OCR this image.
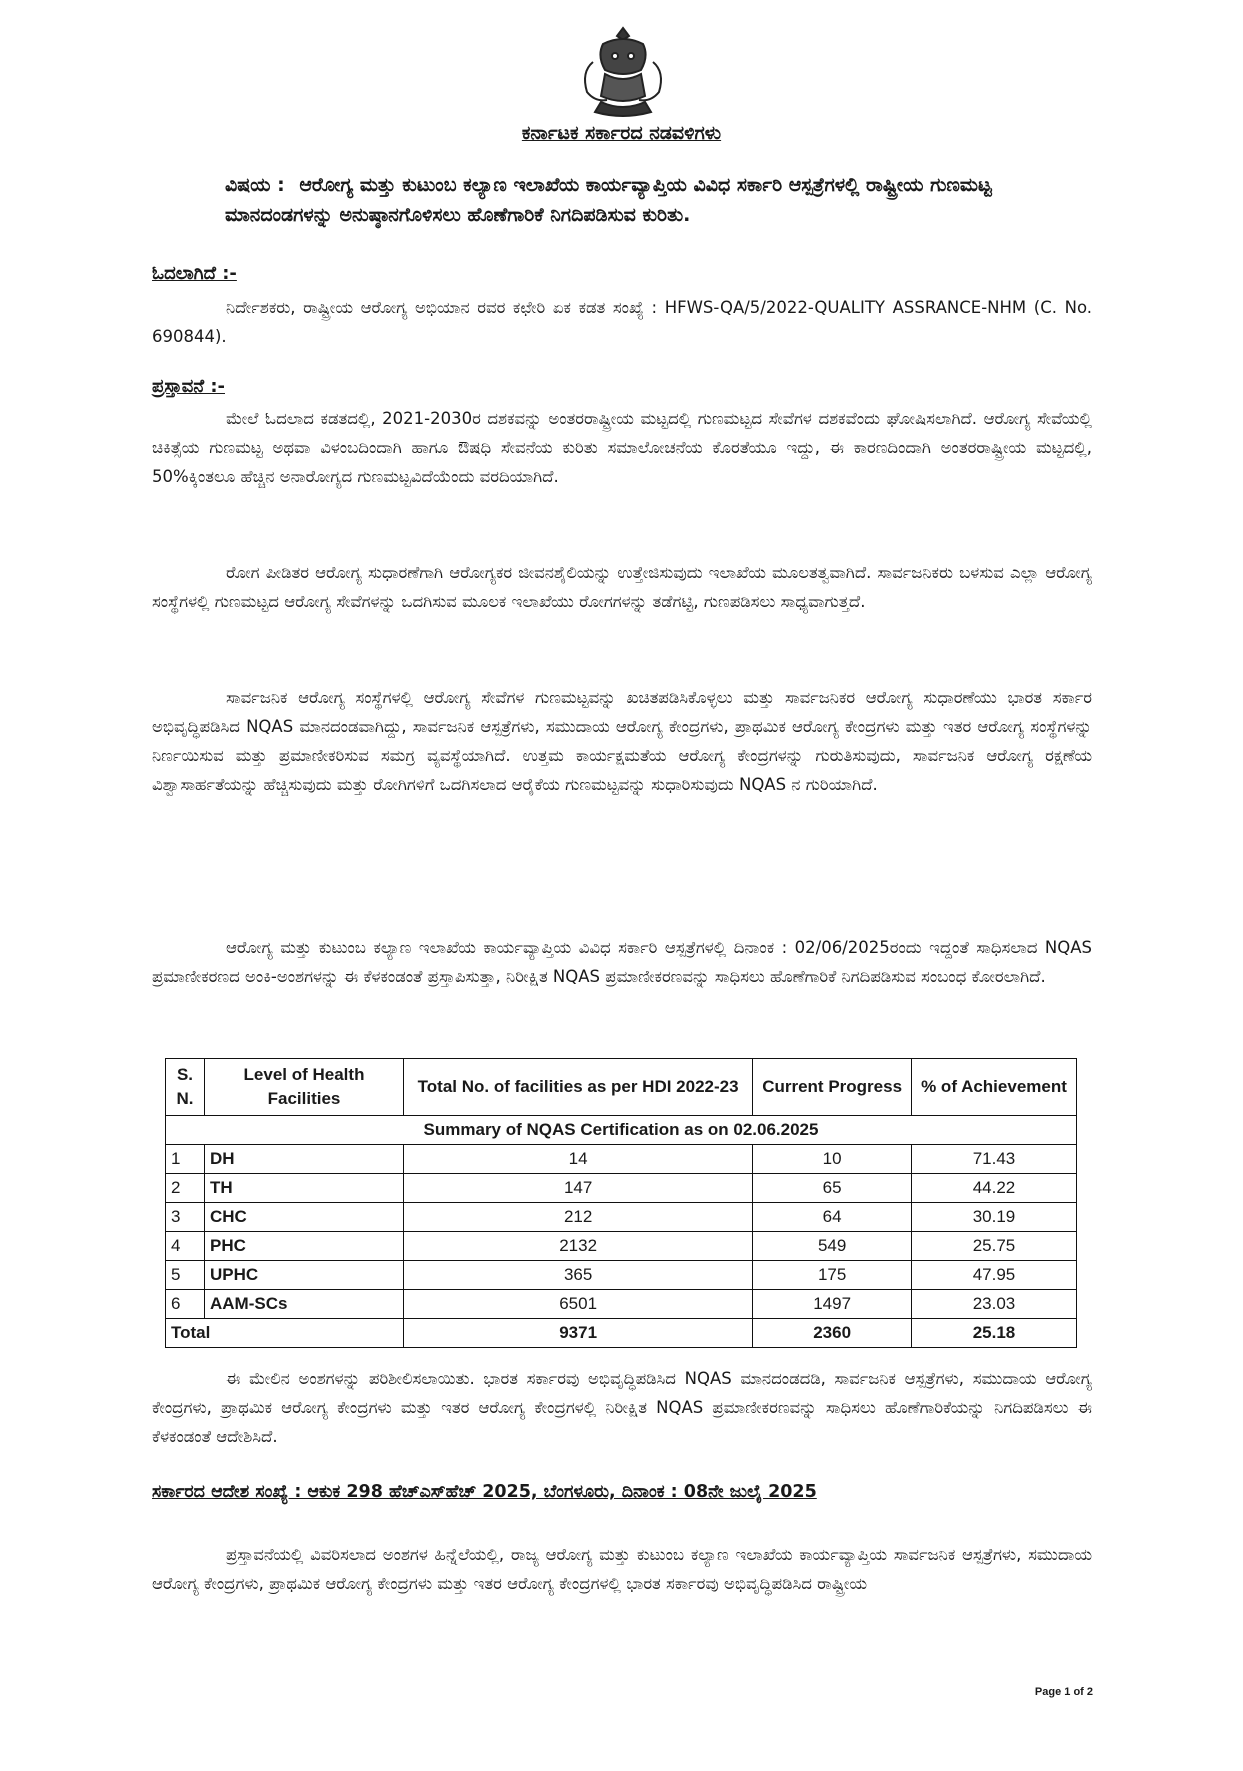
ಕರ್ನಾಟಕ ಸರ್ಕಾರದ ನಡವಳಿಗಳು
ವಿಷಯ : ಆರೋಗ್ಯ ಮತ್ತು ಕುಟುಂಬ ಕಲ್ಯಾಣ ಇಲಾಖೆಯ ಕಾರ್ಯವ್ಯಾಪ್ತಿಯ ವಿವಿಧ ಸರ್ಕಾರಿ ಆಸ್ಪತ್ರೆಗಳಲ್ಲಿ ರಾಷ್ಟ್ರೀಯ ಗುಣಮಟ್ಟ ಮಾನದಂಡಗಳನ್ನು ಅನುಷ್ಠಾನಗೊಳಿಸಲು ಹೊಣೆಗಾರಿಕೆ ನಿಗದಿಪಡಿಸುವ ಕುರಿತು.
ಓದಲಾಗಿದೆ :-
ನಿರ್ದೇಶಕರು, ರಾಷ್ಟ್ರೀಯ ಆರೋಗ್ಯ ಅಭಿಯಾನ ರವರ ಕಛೇರಿ ಏಕ ಕಡತ ಸಂಖ್ಯೆ : HFWS-QA/5/2022-QUALITY ASSRANCE-NHM (C. No. 690844).
ಪ್ರಸ್ತಾವನೆ :-
ಮೇಲೆ ಓದಲಾದ ಕಡತದಲ್ಲಿ, 2021-2030ರ ದಶಕವನ್ನು ಅಂತರರಾಷ್ಟ್ರೀಯ ಮಟ್ಟದಲ್ಲಿ ಗುಣಮಟ್ಟದ ಸೇವೆಗಳ ದಶಕವೆಂದು ಘೋಷಿಸಲಾಗಿದೆ. ಆರೋಗ್ಯ ಸೇವೆಯಲ್ಲಿ ಚಿಕಿತ್ಸೆಯ ಗುಣಮಟ್ಟ ಅಥವಾ ವಿಳಂಬದಿಂದಾಗಿ ಹಾಗೂ ಔಷಧಿ ಸೇವನೆಯ ಕುರಿತು ಸಮಾಲೋಚನೆಯ ಕೊರತೆಯೂ ಇದ್ದು, ಈ ಕಾರಣದಿಂದಾಗಿ ಅಂತರರಾಷ್ಟ್ರೀಯ ಮಟ್ಟದಲ್ಲಿ, 50%ಕ್ಕಿಂತಲೂ ಹೆಚ್ಚಿನ ಅನಾರೋಗ್ಯದ ಗುಣಮಟ್ಟವಿದೆಯೆಂದು ವರದಿಯಾಗಿದೆ.
ರೋಗ ಪೀಡಿತರ ಆರೋಗ್ಯ ಸುಧಾರಣೆಗಾಗಿ ಆರೋಗ್ಯಕರ ಜೀವನಶೈಲಿಯನ್ನು ಉತ್ತೇಜಿಸುವುದು ಇಲಾಖೆಯ ಮೂಲತತ್ವವಾಗಿದೆ. ಸಾರ್ವಜನಿಕರು ಬಳಸುವ ಎಲ್ಲಾ ಆರೋಗ್ಯ ಸಂಸ್ಥೆಗಳಲ್ಲಿ ಗುಣಮಟ್ಟದ ಆರೋಗ್ಯ ಸೇವೆಗಳನ್ನು ಒದಗಿಸುವ ಮೂಲಕ ಇಲಾಖೆಯು ರೋಗಗಳನ್ನು ತಡೆಗಟ್ಟಿ, ಗುಣಪಡಿಸಲು ಸಾಧ್ಯವಾಗುತ್ತದೆ.
ಸಾರ್ವಜನಿಕ ಆರೋಗ್ಯ ಸಂಸ್ಥೆಗಳಲ್ಲಿ ಆರೋಗ್ಯ ಸೇವೆಗಳ ಗುಣಮಟ್ಟವನ್ನು ಖಚಿತಪಡಿಸಿಕೊಳ್ಳಲು ಮತ್ತು ಸಾರ್ವಜನಿಕರ ಆರೋಗ್ಯ ಸುಧಾರಣೆಯು ಭಾರತ ಸರ್ಕಾರ ಅಭಿವೃದ್ಧಿಪಡಿಸಿದ NQAS ಮಾನದಂಡವಾಗಿದ್ದು, ಸಾರ್ವಜನಿಕ ಆಸ್ಪತ್ರೆಗಳು, ಸಮುದಾಯ ಆರೋಗ್ಯ ಕೇಂದ್ರಗಳು, ಪ್ರಾಥಮಿಕ ಆರೋಗ್ಯ ಕೇಂದ್ರಗಳು ಮತ್ತು ಇತರ ಆರೋಗ್ಯ ಸಂಸ್ಥೆಗಳನ್ನು ನಿರ್ಣಯಿಸುವ ಮತ್ತು ಪ್ರಮಾಣೀಕರಿಸುವ ಸಮಗ್ರ ವ್ಯವಸ್ಥೆಯಾಗಿದೆ. ಉತ್ತಮ ಕಾರ್ಯಕ್ಷಮತೆಯ ಆರೋಗ್ಯ ಕೇಂದ್ರಗಳನ್ನು ಗುರುತಿಸುವುದು, ಸಾರ್ವಜನಿಕ ಆರೋಗ್ಯ ರಕ್ಷಣೆಯ ವಿಶ್ವಾಸಾರ್ಹತೆಯನ್ನು ಹೆಚ್ಚಿಸುವುದು ಮತ್ತು ರೋಗಿಗಳಿಗೆ ಒದಗಿಸಲಾದ ಆರೈಕೆಯ ಗುಣಮಟ್ಟವನ್ನು ಸುಧಾರಿಸುವುದು NQAS ನ ಗುರಿಯಾಗಿದೆ.
ಆರೋಗ್ಯ ಮತ್ತು ಕುಟುಂಬ ಕಲ್ಯಾಣ ಇಲಾಖೆಯ ಕಾರ್ಯವ್ಯಾಪ್ತಿಯ ವಿವಿಧ ಸರ್ಕಾರಿ ಆಸ್ಪತ್ರೆಗಳಲ್ಲಿ ದಿನಾಂಕ : 02/06/2025ರಂದು ಇದ್ದಂತೆ ಸಾಧಿಸಲಾದ NQAS ಪ್ರಮಾಣೀಕರಣದ ಅಂಕಿ-ಅಂಶಗಳನ್ನು ಈ ಕೆಳಕಂಡಂತೆ ಪ್ರಸ್ತಾಪಿಸುತ್ತಾ, ನಿರೀಕ್ಷಿತ NQAS ಪ್ರಮಾಣೀಕರಣವನ್ನು ಸಾಧಿಸಲು ಹೊಣೆಗಾರಿಕೆ ನಿಗದಿಪಡಿಸುವ ಸಂಬಂಧ ಕೋರಲಾಗಿದೆ.
Summary of NQAS Certification as on 02.06.2025				
S. N.	Level of Health Facilities	Total No. of facilities as per HDI 2022-23	Current Progress	% of Achievement
1	DH	14	10	71.43
2	TH	147	65	44.22
3	CHC	212	64	30.19
4	PHC	2132	549	25.75
5	UPHC	365	175	47.95
6	AAM-SCs	6501	1497	23.03
Total		9371	2360	25.18
ಈ ಮೇಲಿನ ಅಂಶಗಳನ್ನು ಪರಿಶೀಲಿಸಲಾಯಿತು. ಭಾರತ ಸರ್ಕಾರವು ಅಭಿವೃದ್ಧಿಪಡಿಸಿದ NQAS ಮಾನದಂಡದಡಿ, ಸಾರ್ವಜನಿಕ ಆಸ್ಪತ್ರೆಗಳು, ಸಮುದಾಯ ಆರೋಗ್ಯ ಕೇಂದ್ರಗಳು, ಪ್ರಾಥಮಿಕ ಆರೋಗ್ಯ ಕೇಂದ್ರಗಳು ಮತ್ತು ಇತರ ಆರೋಗ್ಯ ಕೇಂದ್ರಗಳಲ್ಲಿ ನಿರೀಕ್ಷಿತ NQAS ಪ್ರಮಾಣೀಕರಣವನ್ನು ಸಾಧಿಸಲು ಹೊಣೆಗಾರಿಕೆಯನ್ನು ನಿಗದಿಪಡಿಸಲು ಈ ಕೆಳಕಂಡಂತೆ ಆದೇಶಿಸಿದೆ.
ಸರ್ಕಾರದ ಆದೇಶ ಸಂಖ್ಯೆ : ಆಕುಕ 298 ಹೆಚ್‌ಎಸ್‌ಹೆಚ್ 2025, ಬೆಂಗಳೂರು, ದಿನಾಂಕ : 08ನೇ ಜುಲೈ 2025
ಪ್ರಸ್ತಾವನೆಯಲ್ಲಿ ವಿವರಿಸಲಾದ ಅಂಶಗಳ ಹಿನ್ನೆಲೆಯಲ್ಲಿ, ರಾಜ್ಯ ಆರೋಗ್ಯ ಮತ್ತು ಕುಟುಂಬ ಕಲ್ಯಾಣ ಇಲಾಖೆಯ ಕಾರ್ಯವ್ಯಾಪ್ತಿಯ ಸಾರ್ವಜನಿಕ ಆಸ್ಪತ್ರೆಗಳು, ಸಮುದಾಯ ಆರೋಗ್ಯ ಕೇಂದ್ರಗಳು, ಪ್ರಾಥಮಿಕ ಆರೋಗ್ಯ ಕೇಂದ್ರಗಳು ಮತ್ತು ಇತರ ಆರೋಗ್ಯ ಕೇಂದ್ರಗಳಲ್ಲಿ ಭಾರತ ಸರ್ಕಾರವು ಅಭಿವೃದ್ಧಿಪಡಿಸಿದ ರಾಷ್ಟ್ರೀಯ
Page 1 of 2
